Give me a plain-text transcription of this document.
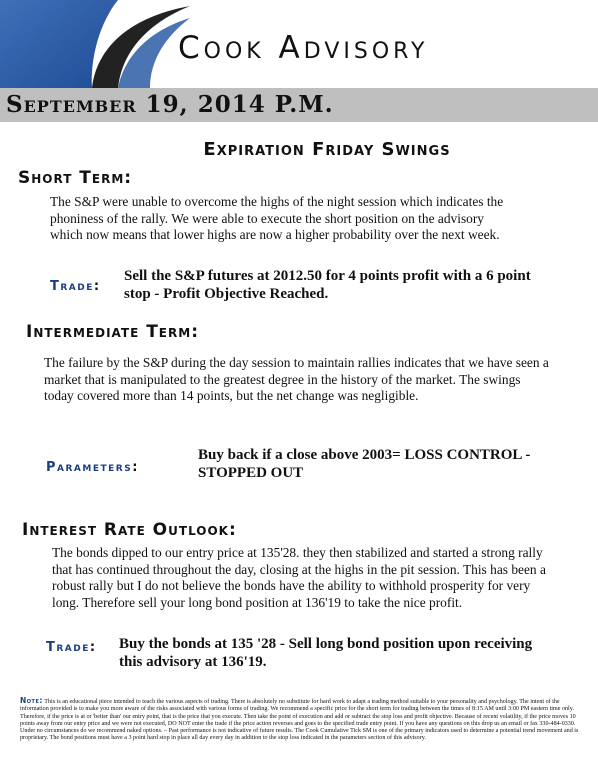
Cook Advisory
September 19, 2014 P.M.
Expiration Friday Swings
Short Term:
The S&P were unable to overcome the highs of the night session which indicates the phoniness of the rally. We were able to execute the short position on the advisory which now means that lower highs are now a higher probability over the next week.
Trade:
Sell the S&P futures at 2012.50 for 4 points profit with a 6 point stop - Profit Objective Reached.
Intermediate Term:
The failure by the S&P during the day session to maintain rallies indicates that we have seen a market that is manipulated to the greatest degree in the history of the market. The swings today covered more than 14 points, but the net change was negligible.
Parameters:
Buy back if a close above 2003= LOSS CONTROL - STOPPED OUT
Interest Rate Outlook:
The bonds dipped to our entry price at 135'28. they then stabilized and started a strong rally that has continued throughout the day, closing at the highs in the pit session. This has been a robust rally but I do not believe the bonds have the ability to withhold prosperity for very long. Therefore sell your long bond position at 136'19 to take the nice profit.
Trade: Buy the bonds at 135 '28 - Sell long bond position upon receiving this advisory at 136'19.
Note: This is an educational piece intended to teach the various aspects of trading. There is absolutely no substitute for hard work to adapt a trading method suitable to your personality and psychology. The intent of the information provided is to make you more aware of the risks associated with various forms of trading. We recommend a specific price for the short term for trading between the times of 8:15 AM until 3:00 PM eastern time only. Therefore, if the price is at or 'better than' our entry point, that is the price that you execute. Then take the point of execution and add or subtract the stop loss and profit objective. Because of recent volatility, if the price moves 10 points away from our entry price and we were not executed, DO NOT enter the trade if the price action reverses and goes to the specified trade entry point. If you have any questions on this drop us an email or fax 330-484-0330. Under no circumstances do we recommend naked options. – Past performance is not indicative of future results. The Cook Cumulative Tick SM is one of the primary indicators used to determine a potential trend movement and is proprietary. The bond positions must have a 3 point hard stop in place all day every day in addition to the stop loss indicated in the parameters section of this advisory.
